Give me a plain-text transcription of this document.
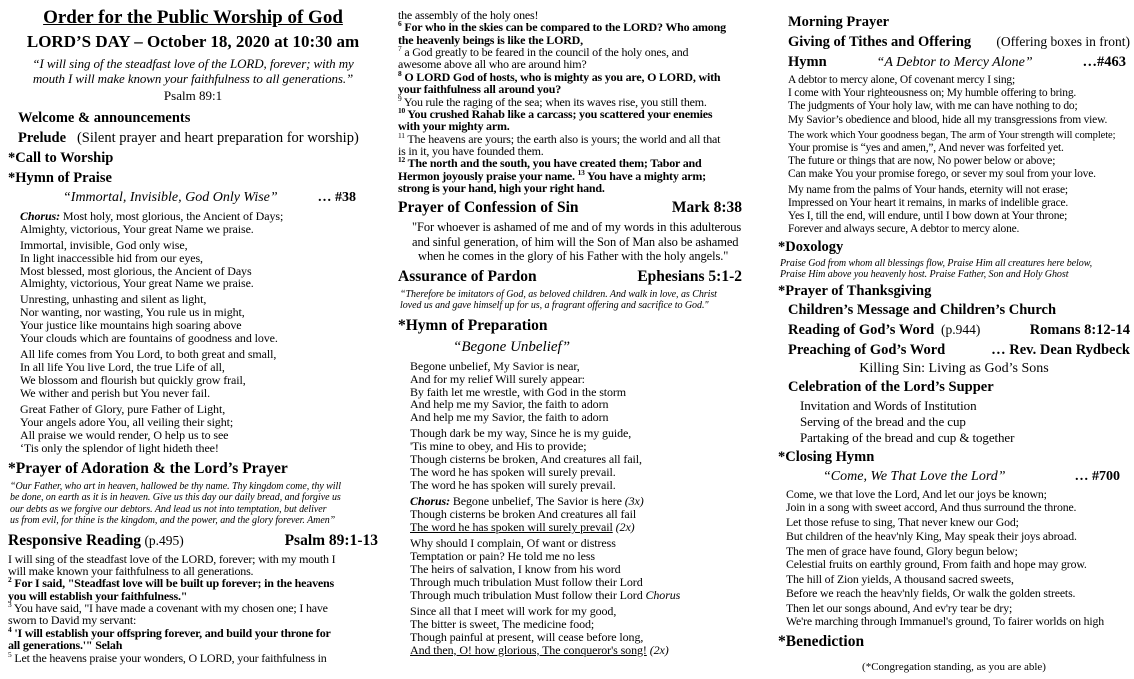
Order for the Public Worship of God
LORD’S DAY – October 18, 2020 at 10:30 am
“I will sing of the steadfast love of the LORD, forever; with my
mouth I will make known your faithfulness to all generations.”
Psalm 89:1
Welcome & announcements
Prelude   (Silent prayer and heart preparation for worship)
*Call to Worship
*Hymn of Praise
“Immortal, Invisible, God Only Wise”	… #38
Chorus: Most holy, most glorious, the Ancient of Days;
Almighty, victorious, Your great Name we praise.
Immortal, invisible, God only wise,
In light inaccessible hid from our eyes,
Most blessed, most glorious, the Ancient of Days
Almighty, victorious, Your great Name we praise.
Unresting, unhasting and silent as light,
Nor wanting, nor wasting, You rule us in might,
Your justice like mountains high soaring above
Your clouds which are fountains of goodness and love.
All life comes from You Lord, to both great and small,
In all life You live Lord, the true Life of all,
We blossom and flourish but quickly grow frail,
We wither and perish but You never fail.
Great Father of Glory, pure Father of Light,
Your angels adore You, all veiling their sight;
All praise we would render, O help us to see
‘Tis only the splendor of light hideth thee!
*Prayer of Adoration & the Lord’s Prayer
“Our Father, who art in heaven, hallowed be thy name. Thy kingdom come, thy will
be done, on earth as it is in heaven. Give us this day our daily bread, and forgive us
our debts as we forgive our debtors. And lead us not into temptation, but deliver
us from evil, for thine is the kingdom, and the power, and the glory forever. Amen”
Responsive Reading (p.495)	Psalm 89:1-13
I will sing of the steadfast love of the LORD, forever; with my mouth I
will make known your faithfulness to all generations.
$^2$ For I said, "Steadfast love will be built up forever; in the heavens
you will establish your faithfulness."
$^3$ You have said, "I have made a covenant with my chosen one; I have
sworn to David my servant:
$^4$ 'I will establish your offspring forever, and build your throne for
all generations.'" Selah
$^5$ Let the heavens praise your wonders, O LORD, your faithfulness in
the assembly of the holy ones!
$^6$ For who in the skies can be compared to the LORD? Who among
the heavenly beings is like the LORD,
$^7$ a God greatly to be feared in the council of the holy ones, and
awesome above all who are around him?
$^8$ O LORD God of hosts, who is mighty as you are, O LORD, with
your faithfulness all around you?
$^9$ You rule the raging of the sea; when its waves rise, you still them.
$^{10}$ You crushed Rahab like a carcass; you scattered your enemies
with your mighty arm.
$^{11}$ The heavens are yours; the earth also is yours; the world and all that
is in it, you have founded them.
$^{12}$ The north and the south, you have created them; Tabor and
Hermon joyously praise your name. $^{13}$ You have a mighty arm;
strong is your hand, high your right hand.
Prayer of Confession of Sin	Mark 8:38
"For whoever is ashamed of me and of my words in this adulterous
and sinful generation, of him will the Son of Man also be ashamed
when he comes in the glory of his Father with the holy angels."
Assurance of Pardon	Ephesians 5:1-2
“Therefore be imitators of God, as beloved children. And walk in love, as Christ
loved us and gave himself up for us, a fragrant offering and sacrifice to God."
*Hymn of Preparation
“Begone Unbelief”
Begone unbelief, My Savior is near,
And for my relief Will surely appear:
By faith let me wrestle, with God in the storm
And help me my Savior, the faith to adorn
And help me my Savior, the faith to adorn
Though dark be my way, Since he is my guide,
'Tis mine to obey, and His to provide;
Though cisterns be broken, And creatures all fail,
The word he has spoken will surely prevail.
The word he has spoken will surely prevail.
Chorus: Begone unbelief, The Savior is here (3x)
Though cisterns be broken And creatures all fail
The word he has spoken will surely prevail (2x)
Why should I complain, Of want or distress
Temptation or pain? He told me no less
The heirs of salvation, I know from his word
Through much tribulation Must follow their Lord
Through much tribulation Must follow their Lord Chorus
Since all that I meet will work for my good,
The bitter is sweet, The medicine food;
Though painful at present, will cease before long,
And then, O! how glorious, The conqueror's song! (2x)
Morning Prayer
Giving of Tithes and Offering (Offering boxes in front)
Hymn	“A Debtor to Mercy Alone”	…#463
A debtor to mercy alone, Of covenant mercy I sing;
I come with Your righteousness on; My humble offering to bring.
The judgments of Your holy law, with me can have nothing to do;
My Savior’s obedience and blood, hide all my transgressions from view.
The work which Your goodness began, The arm of Your strength will complete;
Your promise is “yes and amen,”, And never was forfeited yet.
The future or things that are now, No power below or above;
Can make You your promise forego, or sever my soul from your love.
My name from the palms of Your hands, eternity will not erase;
Impressed on Your heart it remains, in marks of indelible grace.
Yes I, till the end, will endure, until I bow down at Your throne;
Forever and always secure, A debtor to mercy alone.
*Doxology
Praise God from whom all blessings flow, Praise Him all creatures here below,
Praise Him above you heavenly host. Praise Father, Son and Holy Ghost
*Prayer of Thanksgiving
Children’s Message and Children’s Church
Reading of God’s Word  (p.944)	Romans 8:12-14
Preaching of God’s Word	… Rev. Dean Rydbeck
Killing Sin: Living as God’s Sons
Celebration of the Lord’s Supper
Invitation and Words of Institution
Serving of the bread and the cup
Partaking of the bread and cup & together
*Closing Hymn
“Come, We That Love the Lord”	… #700
Come, we that love the Lord, And let our joys be known;
Join in a song with sweet accord, And thus surround the throne.
Let those refuse to sing, That never knew our God;
But children of the heav'nly King, May speak their joys abroad.
The men of grace have found, Glory begun below;
Celestial fruits on earthly ground, From faith and hope may grow.
The hill of Zion yields, A thousand sacred sweets,
Before we reach the heav'nly fields, Or walk the golden streets.
Then let our songs abound, And ev'ry tear be dry;
We're marching through Immanuel's ground, To fairer worlds on high
*Benediction
(*Congregation standing, as you are able)
